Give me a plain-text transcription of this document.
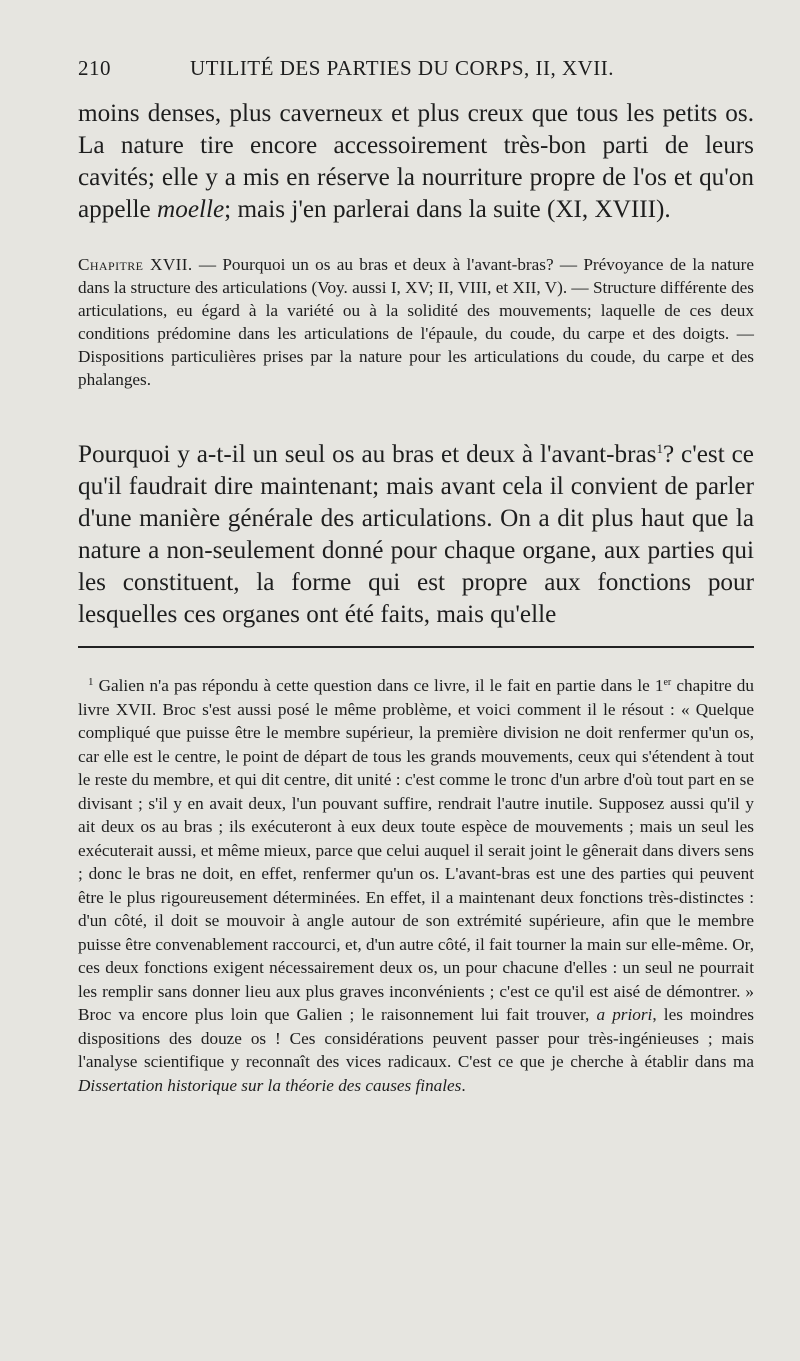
210	UTILITÉ DES PARTIES DU CORPS, II, XVII.
moins denses, plus caverneux et plus creux que tous les petits os. La nature tire encore accessoirement très-bon parti de leurs cavités; elle y a mis en réserve la nourriture propre de l'os et qu'on appelle moelle; mais j'en parlerai dans la suite (XI, XVIII).
Chapitre XVII. — Pourquoi un os au bras et deux à l'avant-bras? — Prévoyance de la nature dans la structure des articulations (Voy. aussi I, XV; II, VIII, et XII, V). — Structure différente des articulations, eu égard à la variété ou à la solidité des mouvements; laquelle de ces deux conditions prédomine dans les articulations de l'épaule, du coude, du carpe et des doigts. — Dispositions particulières prises par la nature pour les articulations du coude, du carpe et des phalanges.
Pourquoi y a-t-il un seul os au bras et deux à l'avant-bras$^1$? c'est ce qu'il faudrait dire maintenant; mais avant cela il convient de parler d'une manière générale des articulations. On a dit plus haut que la nature a non-seulement donné pour chaque organe, aux parties qui les constituent, la forme qui est propre aux fonctions pour lesquelles ces organes ont été faits, mais qu'elle
$^1$ Galien n'a pas répondu à cette question dans ce livre, il le fait en partie dans le 1er chapitre du livre XVII. Broc s'est aussi posé le même problème, et voici comment il le résout : « Quelque compliqué que puisse être le membre supérieur, la première division ne doit renfermer qu'un os, car elle est le centre, le point de départ de tous les grands mouvements, ceux qui s'étendent à tout le reste du membre, et qui dit centre, dit unité : c'est comme le tronc d'un arbre d'où tout part en se divisant ; s'il y en avait deux, l'un pouvant suffire, rendrait l'autre inutile. Supposez aussi qu'il y ait deux os au bras ; ils exécuteront à eux deux toute espèce de mouvements ; mais un seul les exécuterait aussi, et même mieux, parce que celui auquel il serait joint le gênerait dans divers sens ; donc le bras ne doit, en effet, renfermer qu'un os. L'avant-bras est une des parties qui peuvent être le plus rigoureusement déterminées. En effet, il a maintenant deux fonctions très-distinctes : d'un côté, il doit se mouvoir à angle autour de son extrémité supérieure, afin que le membre puisse être convenablement raccourci, et, d'un autre côté, il fait tourner la main sur elle-même. Or, ces deux fonctions exigent nécessairement deux os, un pour chacune d'elles : un seul ne pourrait les remplir sans donner lieu aux plus graves inconvénients ; c'est ce qu'il est aisé de démontrer. » Broc va encore plus loin que Galien ; le raisonnement lui fait trouver, a priori, les moindres dispositions des douze os ! Ces considérations peuvent passer pour très-ingénieuses ; mais l'analyse scientifique y reconnaît des vices radicaux. C'est ce que je cherche à établir dans ma Dissertation historique sur la théorie des causes finales.
